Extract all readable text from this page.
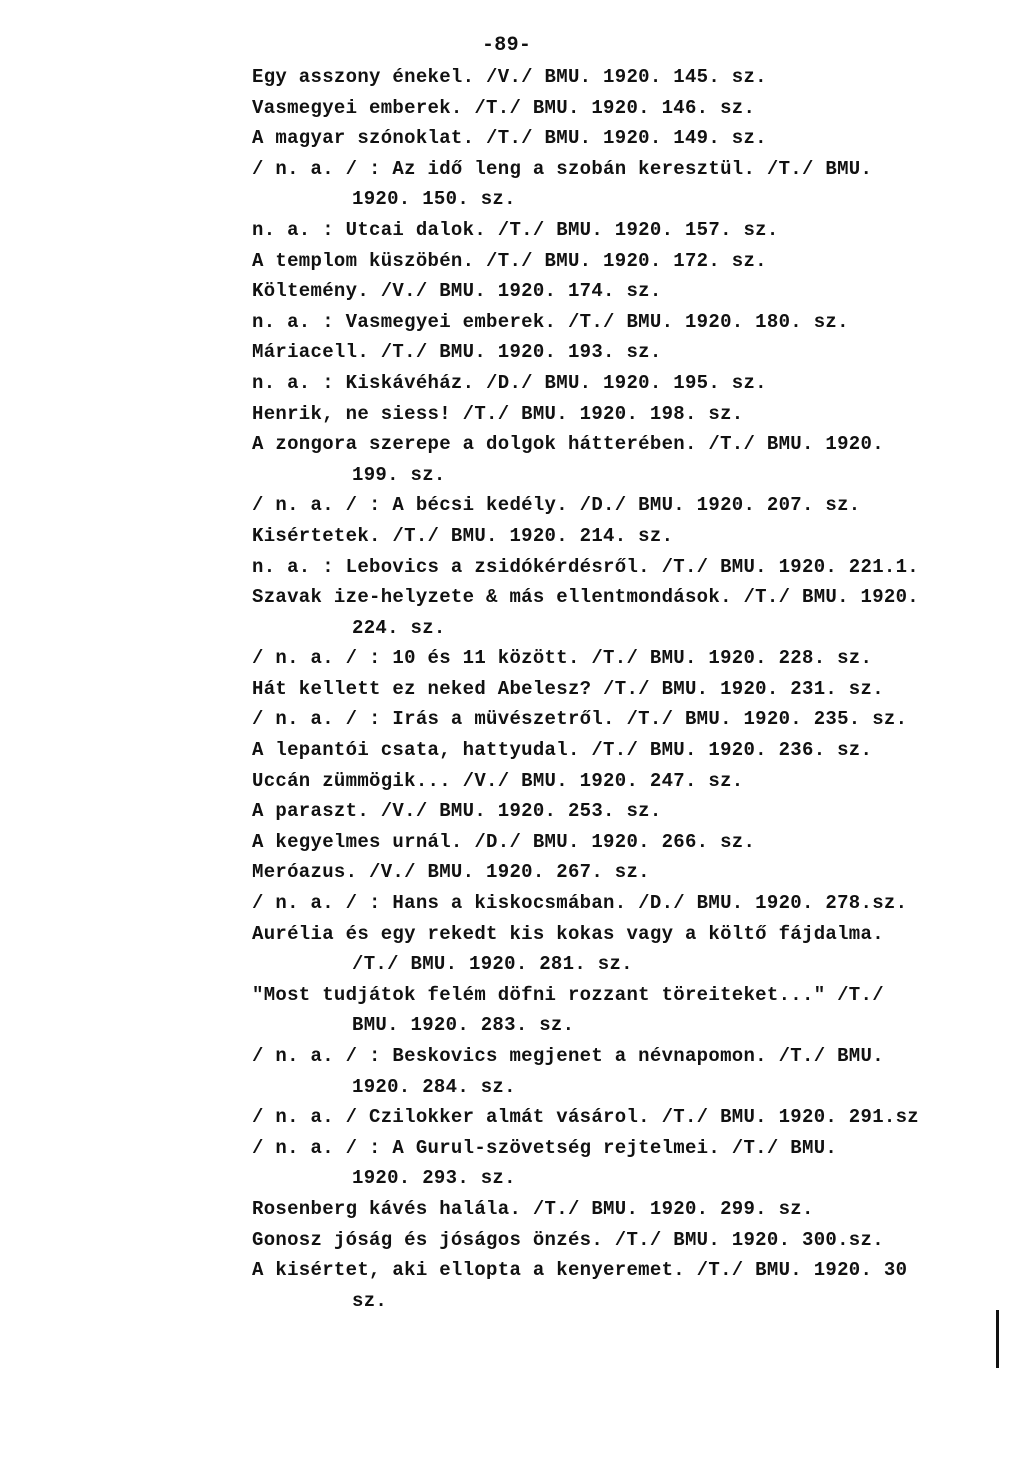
-89-
Egy asszony énekel. /V./ BMU. 1920. 145. sz.
Vasmegyei emberek. /T./ BMU. 1920. 146. sz.
A magyar szónoklat. /T./ BMU. 1920. 149. sz.
/ n. a. / : Az idő leng a szobán keresztül. /T./ BMU.
1920. 150. sz.
n. a. : Utcai dalok. /T./ BMU. 1920. 157. sz.
A templom küszöbén. /T./ BMU. 1920. 172. sz.
Költemény. /V./ BMU. 1920. 174. sz.
n. a. : Vasmegyei emberek. /T./ BMU. 1920. 180. sz.
Máriacell. /T./ BMU. 1920. 193. sz.
n. a. : Kiskávéház. /D./ BMU. 1920. 195. sz.
Henrik, ne siess! /T./ BMU. 1920. 198. sz.
A zongora szerepe a dolgok hátterében. /T./ BMU. 1920.
199. sz.
/ n. a. / : A bécsi kedély. /D./ BMU. 1920. 207. sz.
Kisértetek. /T./ BMU. 1920. 214. sz.
n. a. : Lebovics a zsidókérdésről. /T./ BMU. 1920. 221.1.
Szavak ize-helyzete & más ellentmondások. /T./ BMU. 1920.
224. sz.
/ n. a. / : 10 és 11 között. /T./ BMU. 1920. 228. sz.
Hát kellett ez neked Abelesz? /T./ BMU. 1920. 231. sz.
/ n. a. / : Irás a müvészetről. /T./ BMU. 1920. 235. sz.
A lepantói csata, hattyudal. /T./ BMU. 1920. 236. sz.
Uccán zümmögik... /V./ BMU. 1920. 247. sz.
A paraszt. /V./ BMU. 1920. 253. sz.
A kegyelmes urnál. /D./ BMU. 1920. 266. sz.
Meróazus. /V./ BMU. 1920. 267. sz.
/ n. a. / : Hans a kiskocsmában. /D./ BMU. 1920. 278.sz.
Aurélia és egy rekedt kis kokas vagy a költő fájdalma.
/T./ BMU. 1920. 281. sz.
"Most tudjátok felém döfni rozzant töreiteket..." /T./
BMU. 1920. 283. sz.
/ n. a. / : Beskovics megjenet a névnapomon. /T./ BMU.
1920. 284. sz.
/ n. a. / Czilokker almát vásárol. /T./ BMU. 1920. 291.sz
/ n. a. / : A Gurul-szövetség rejtelmei. /T./ BMU.
1920. 293. sz.
Rosenberg kávés halála. /T./ BMU. 1920. 299. sz.
Gonosz jóság és jóságos önzés. /T./ BMU. 1920. 300.sz.
A kisértet, aki ellopta a kenyeremet. /T./ BMU. 1920. 30
sz.
